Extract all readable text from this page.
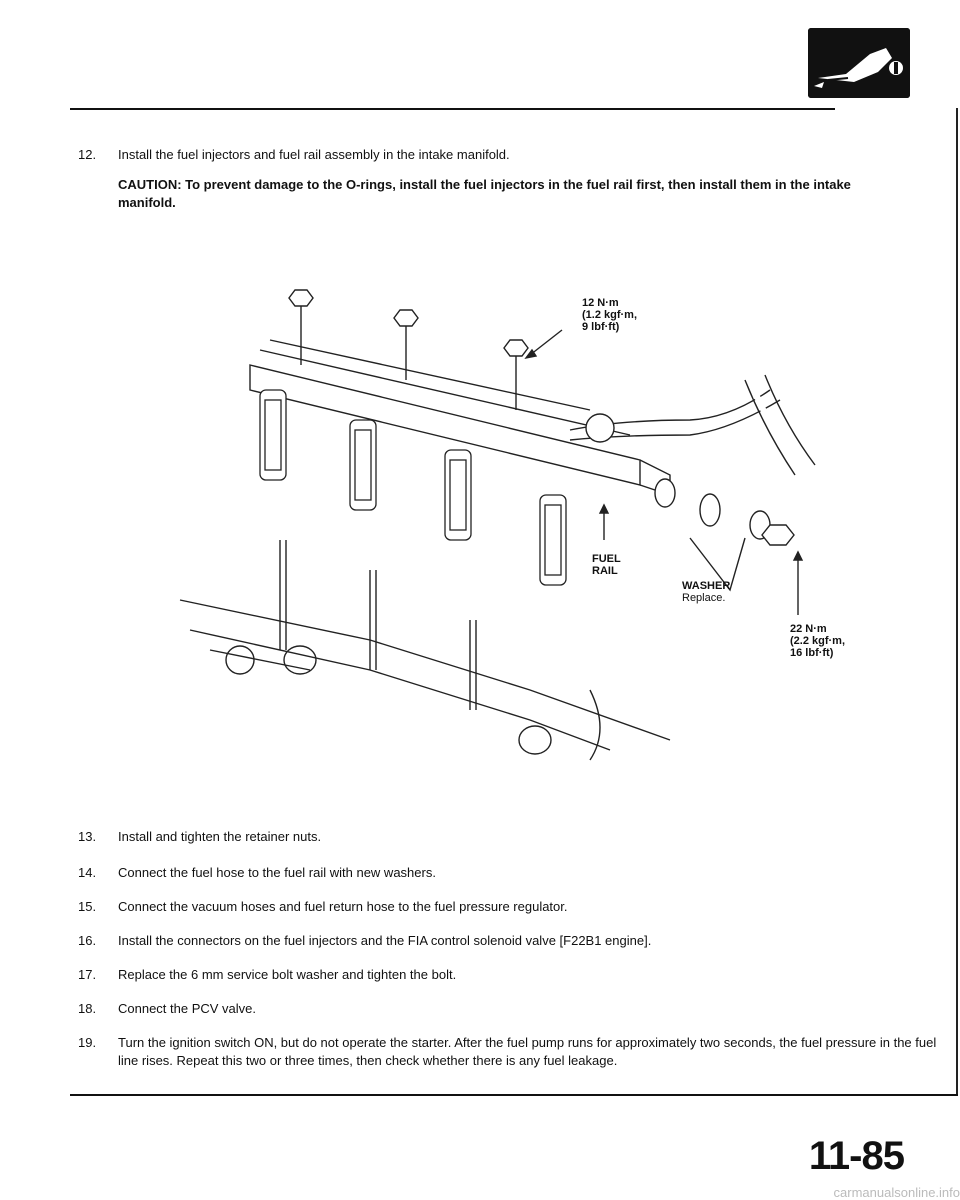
12.	Install the fuel injectors and fuel rail assembly in the intake manifold.
CAUTION: To prevent damage to the O-rings, install the fuel injectors in the fuel rail first, then install them in the intake manifold.
12 N·m
(1.2 kgf·m,
9 lbf·ft)
FUEL
RAIL
WASHER
Replace.
22 N·m
(2.2 kgf·m,
16 lbf·ft)
13.	Install and tighten the retainer nuts.
14.	Connect the fuel hose to the fuel rail with new washers.
15.	Connect the vacuum hoses and fuel return hose to the fuel pressure regulator.
16.	Install the connectors on the fuel injectors and the FIA control solenoid valve [F22B1 engine].
17.	Replace the 6 mm service bolt washer and tighten the bolt.
18.	Connect the PCV valve.
19.	Turn the ignition switch ON, but do not operate the starter. After the fuel pump runs for approximately two seconds, the fuel pressure in the fuel line rises. Repeat this two or three times, then check whether there is any fuel leakage.
11-85
carmanualsonline.info
